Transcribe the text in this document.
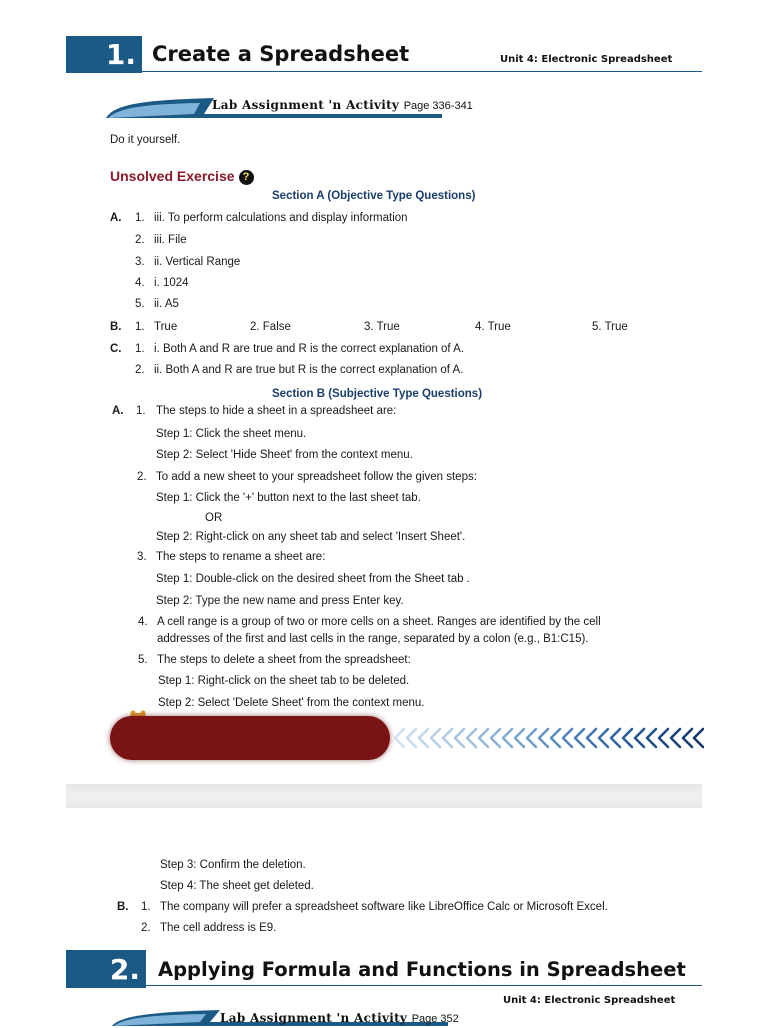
1. Create a Spreadsheet	Unit 4: Electronic Spreadsheet
Lab Assignment 'n Activity Page 336-341
Do it yourself.
Unsolved Exercise ?
Section A (Objective Type Questions)
A. 1. iii. To perform calculations and display information
2. iii. File
3. ii. Vertical Range
4. i. 1024
5. ii. A5
B. 1. True	2. False	3. True	4. True	5. True
C. 1. i. Both A and R are true and R is the correct explanation of A.
2. ii. Both A and R are true but R is the correct explanation of A.
Section B (Subjective Type Questions)
A. 1. The steps to hide a sheet in a spreadsheet are:
Step 1: Click the sheet menu.
Step 2: Select 'Hide Sheet' from the context menu.
2. To add a new sheet to your spreadsheet follow the given steps:
Step 1: Click the '+' button next to the last sheet tab.
OR
Step 2: Right-click on any sheet tab and select 'Insert Sheet'.
3. The steps to rename a sheet are:
Step 1: Double-click on the desired sheet from the Sheet tab .
Step 2: Type the new name and press Enter key.
4. A cell range is a group of two or more cells on a sheet. Ranges are identified by the cell
addresses of the first and last cells in the range, separated by a colon (e.g., B1:C15).
5. The steps to delete a sheet from the spreadsheet:
Step 1: Right-click on the sheet tab to be deleted.
Step 2: Select 'Delete Sheet' from the context menu.
Step 3: Confirm the deletion.
Step 4: The sheet get deleted.
B. 1. The company will prefer a spreadsheet software like LibreOffice Calc or Microsoft Excel.
2. The cell address is E9.
2. Applying Formula and Functions in Spreadsheet
Unit 4: Electronic Spreadsheet
Lab Assignment 'n Activity Page 352
